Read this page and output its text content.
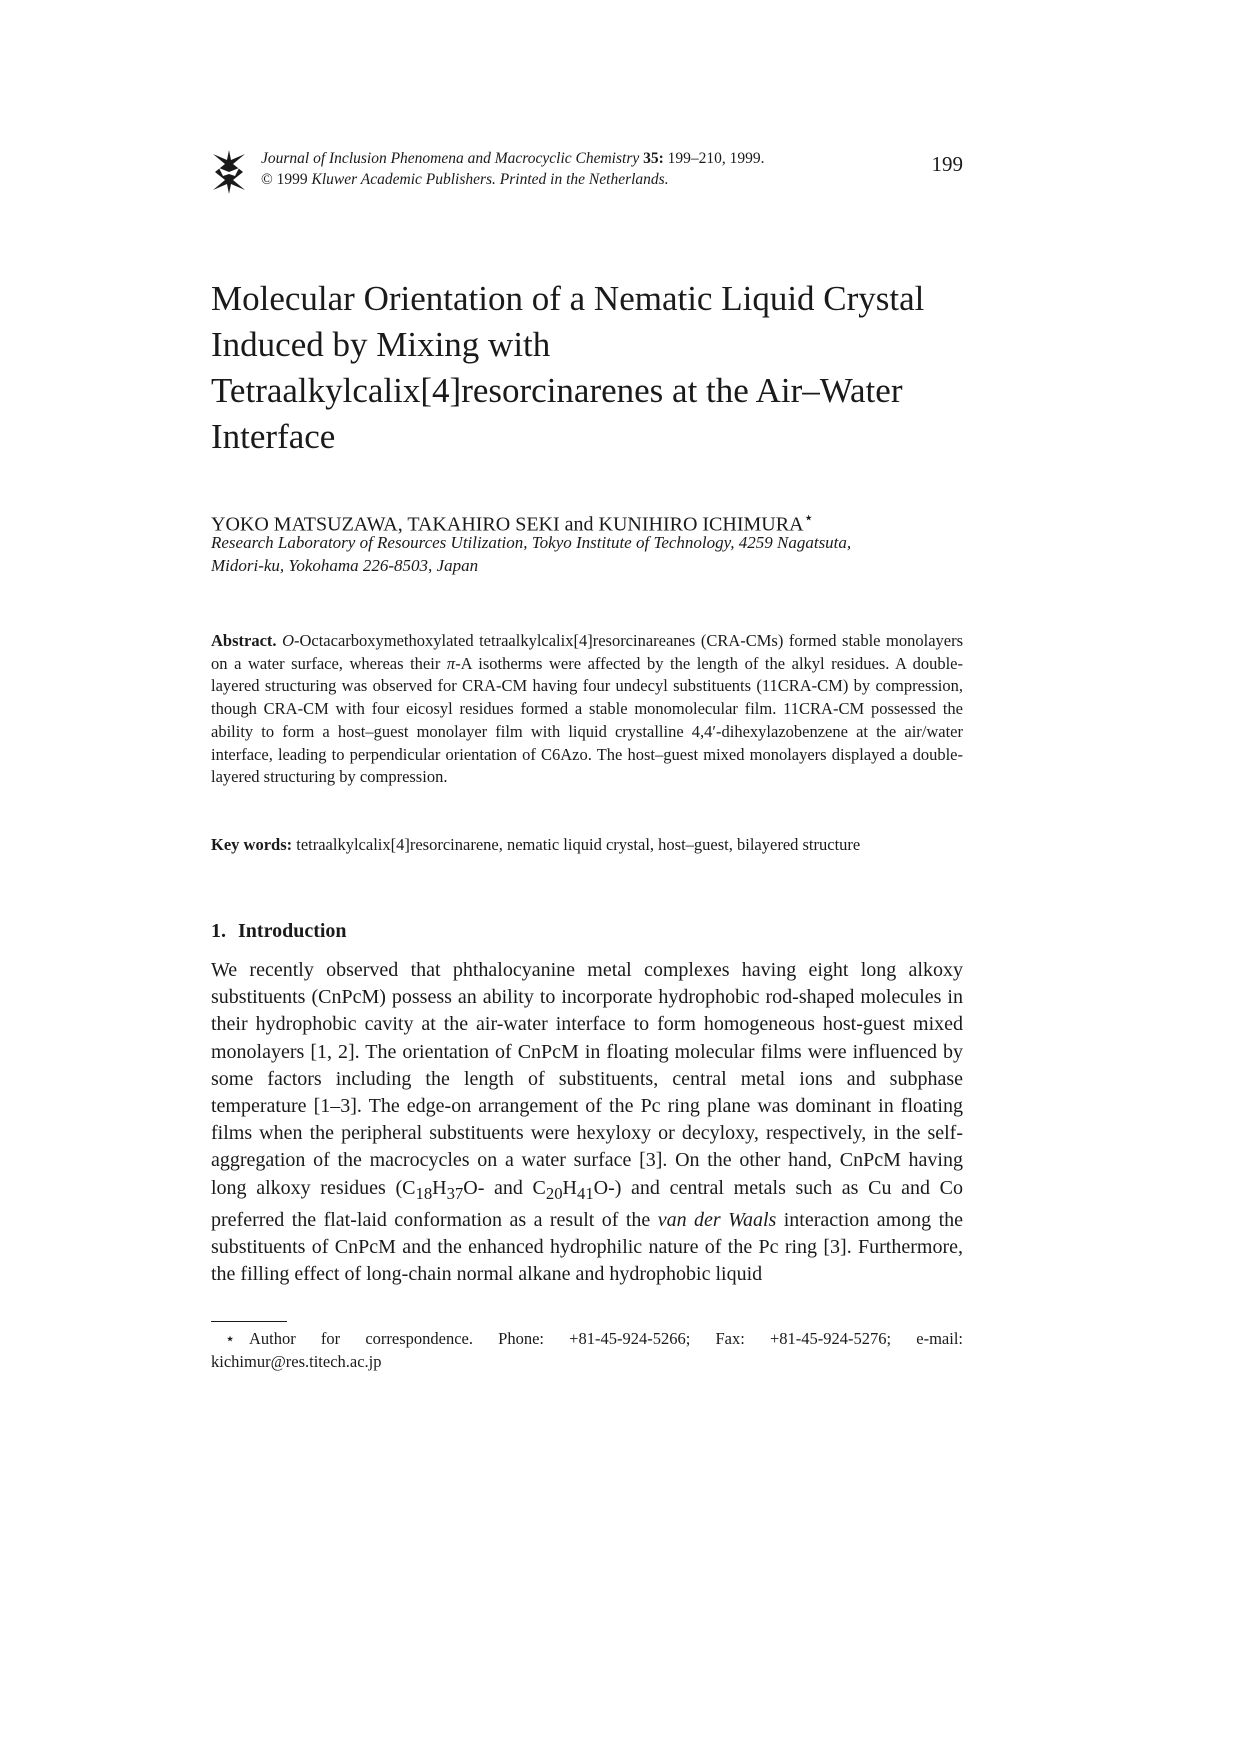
Journal of Inclusion Phenomena and Macrocyclic Chemistry 35: 199–210, 1999.
© 1999 Kluwer Academic Publishers. Printed in the Netherlands.
199
Molecular Orientation of a Nematic Liquid Crystal
Induced by Mixing with
Tetraalkylcalix[4]resorcinarenes at the Air–Water
Interface
YOKO MATSUZAWA, TAKAHIRO SEKI and KUNIHIRO ICHIMURA⋆
Research Laboratory of Resources Utilization, Tokyo Institute of Technology, 4259 Nagatsuta,
Midori-ku, Yokohama 226-8503, Japan

Abstract. O-Octacarboxymethoxylated tetraalkylcalix[4]resorcinareanes (CRA-CMs) formed stable monolayers on a water surface, whereas their π-A isotherms were affected by the length of the alkyl residues. A double-layered structuring was observed for CRA-CM having four undecyl substituents (11CRA-CM) by compression, though CRA-CM with four eicosyl residues formed a stable monomolecular film. 11CRA-CM possessed the ability to form a host–guest monolayer film with liquid crystalline 4,4′-dihexylazobenzene at the air/water interface, leading to perpendicular orientation of C6Azo. The host–guest mixed monolayers displayed a double-layered structuring by compression.

Key words: tetraalkylcalix[4]resorcinarene, nematic liquid crystal, host–guest, bilayered structure

1. Introduction

We recently observed that phthalocyanine metal complexes having eight long alkoxy substituents (CnPcM) possess an ability to incorporate hydrophobic rod-shaped molecules in their hydrophobic cavity at the air-water interface to form homogeneous host-guest mixed monolayers [1, 2]. The orientation of CnPcM in floating molecular films were influenced by some factors including the length of substituents, central metal ions and subphase temperature [1–3]. The edge-on arrangement of the Pc ring plane was dominant in floating films when the peripheral substituents were hexyloxy or decyloxy, respectively, in the self-aggregation of the macrocycles on a water surface [3]. On the other hand, CnPcM having long alkoxy residues ($C_{18}H_{37}O-$ and $C_{20}H_{41}O-$) and central metals such as Cu and Co preferred the flat-laid conformation as a result of the van der Waals interaction among the substituents of CnPcM and the enhanced hydrophilic nature of the Pc ring [3]. Furthermore, the filling effect of long-chain normal alkane and hydrophobic liquid

⋆ Author for correspondence. Phone: +81-45-924-5266; Fax: +81-45-924-5276; e-mail: kichimur@res.titech.ac.jp
